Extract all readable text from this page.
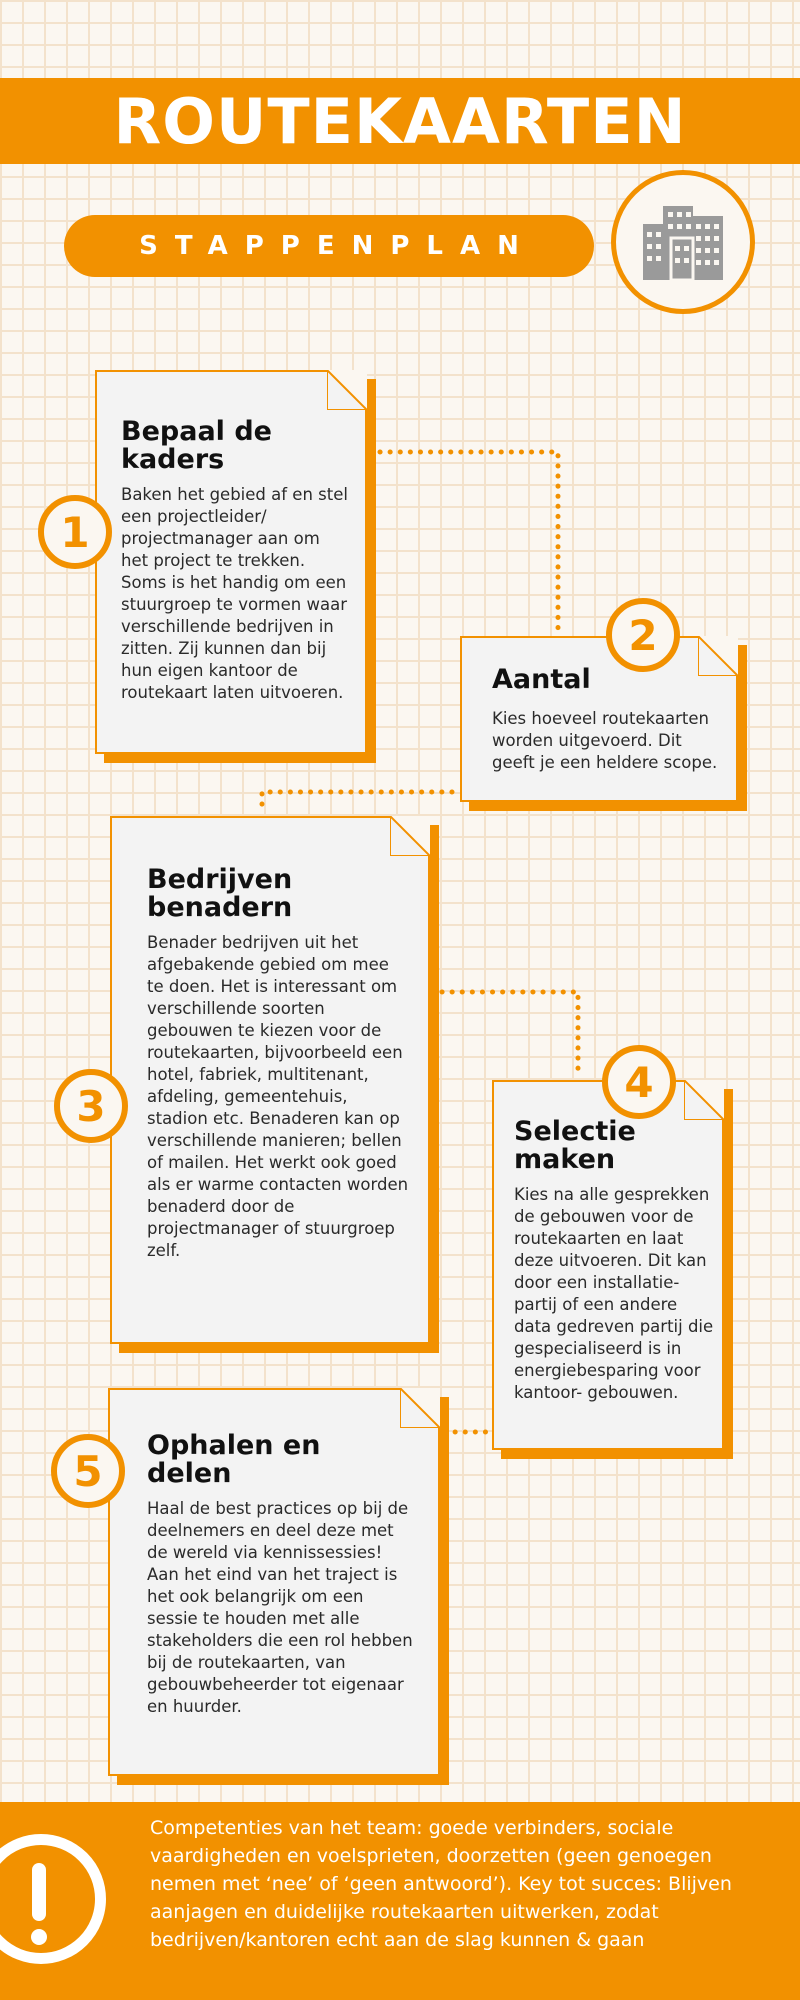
ROUTEKAARTEN
STAPPENPLAN
Bepaal de kaders

Baken het gebied af en stel een projectleider/ projectmanager aan om het project te trekken. Soms is het handig om een stuurgroep te vormen waar verschillende bedrijven in zitten. Zij kunnen dan bij hun eigen kantoor de routekaart laten uitvoeren.

1
Aantal

Kies hoeveel routekaarten worden uitgevoerd. Dit geeft je een heldere scope.

2
Bedrijven benadern

Benader bedrijven uit het afgebakende gebied om mee te doen. Het is interessant om verschillende soorten gebouwen te kiezen voor de routekaarten, bijvoorbeeld een hotel, fabriek, multitenant, afdeling, gemeentehuis, stadion etc. Benaderen kan op verschillende manieren; bellen of mailen. Het werkt ook goed als er warme contacten worden benaderd door de projectmanager of stuurgroep zelf.

3
Selectie maken

Kies na alle gesprekken de gebouwen voor de routekaarten en laat deze uitvoeren. Dit kan door een installatie- partij of een andere data gedreven partij die gespecialiseerd is in energiebesparing voor kantoor- gebouwen.

4
Ophalen en delen

Haal de best practices op bij de deelnemers en deel deze met de wereld via kennissessies! Aan het eind van het traject is het ook belangrijk om een sessie te houden met alle stakeholders die een rol hebben bij de routekaarten, van gebouwbeheerder tot eigenaar en huurder.

5

Competenties van het team: goede verbinders, sociale vaardigheden en voelsprieten, doorzetten (geen genoegen nemen met ‘nee’ of ‘geen antwoord’). Key tot succes: Blijven aanjagen en duidelijke routekaarten uitwerken, zodat bedrijven/kantoren echt aan de slag kunnen & gaan
